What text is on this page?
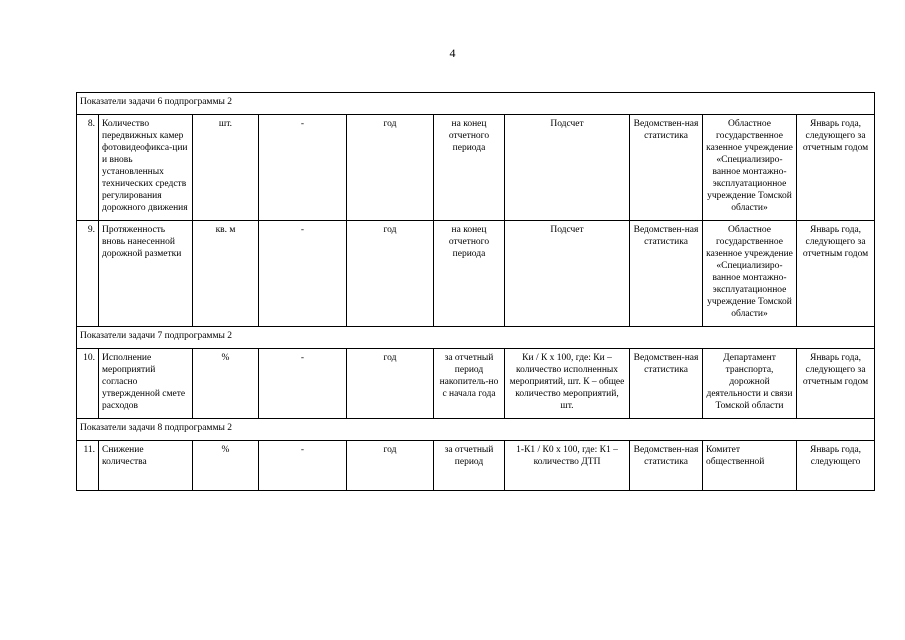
4
Показатели задачи 6 подпрограммы 2									
8.	Количество передвижных камер фотовидеофикса-ции и вновь установленных технических средств регулирования дорожного движения	шт.	-	год	на конец отчетного периода	Подсчет	Ведомствен-ная статистика	Областное государственное казенное учреждение «Специализиро-ванное монтажно-эксплуатационное учреждение Томской области»	Январь года, следующего за отчетным годом
9.	Протяженность вновь нанесенной дорожной разметки	кв. м	-	год	на конец отчетного периода	Подсчет	Ведомствен-ная статистика	Областное государственное казенное учреждение «Специализиро-ванное монтажно-эксплуатационное учреждение Томской области»	Январь года, следующего за отчетным годом
Показатели задачи 7 подпрограммы 2									
10.	Исполнение мероприятий согласно утвержденной смете расходов	%	-	год	за отчетный период накопитель-но с начала года	Ки / К х 100, где: Ки – количество исполненных мероприятий, шт. К – общее количество мероприятий, шт.	Ведомствен-ная статистика	Департамент транспорта, дорожной деятельности и связи Томской области	Январь года, следующего за отчетным годом
Показатели задачи 8 подпрограммы 2									
11.	Снижение количества	%	-	год	за отчетный период	1-К1 / К0 х 100, где: К1 – количество ДТП	Ведомствен-ная статистика	Комитет общественной	Январь года, следующего
